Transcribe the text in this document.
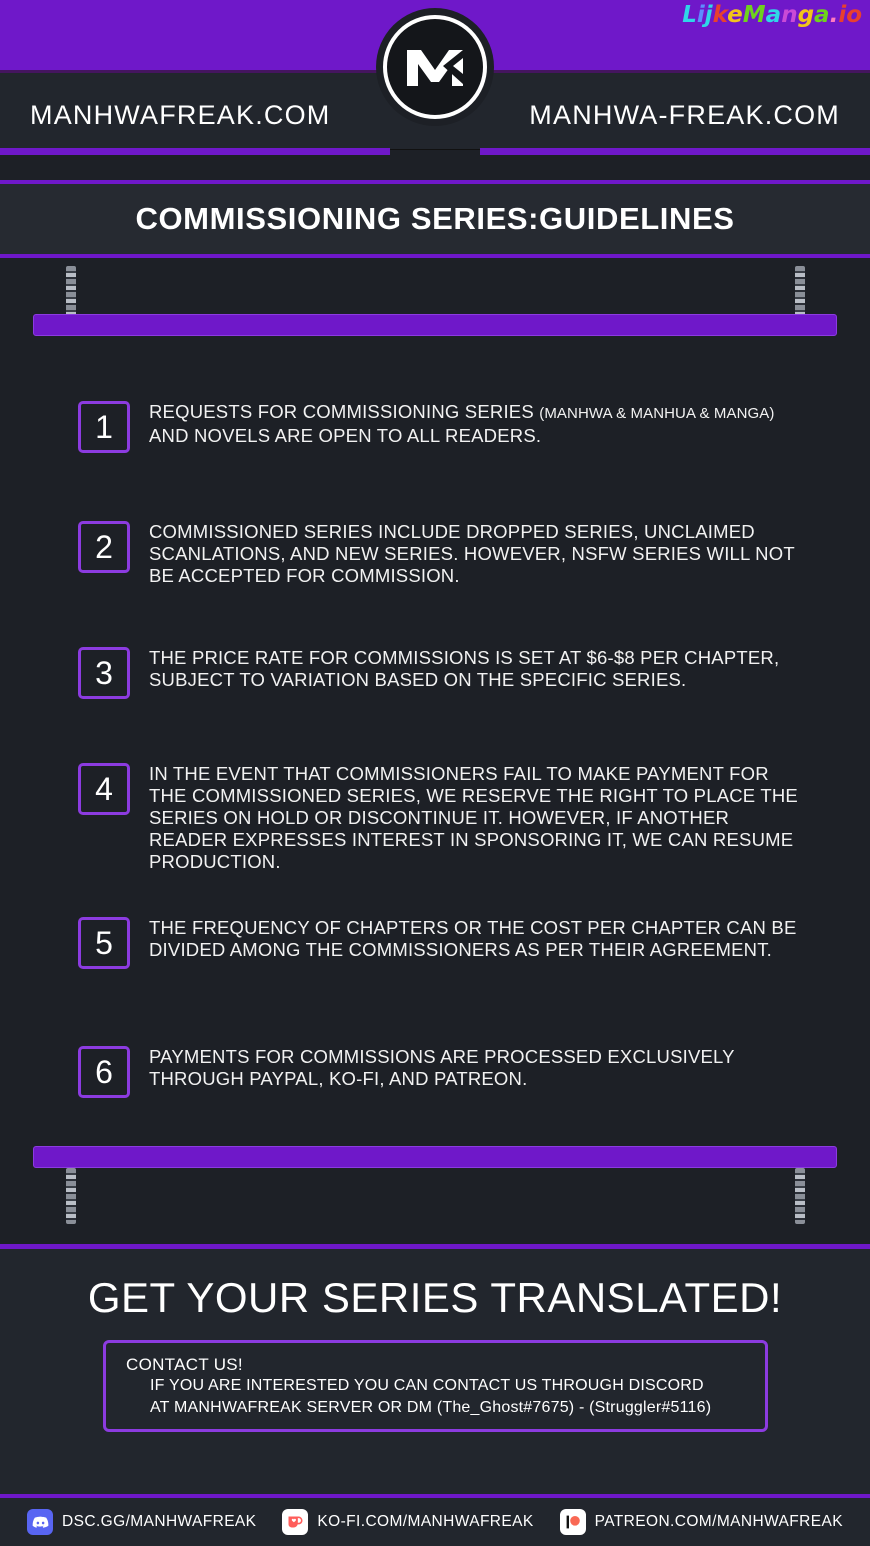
LijkeManga.io
MANHWAFREAK.COM	MANHWA-FREAK.COM
COMMISSIONING SERIES:GUIDELINES
1	REQUESTS FOR COMMISSIONING SERIES (MANHWA & MANHUA & MANGA) AND NOVELS ARE OPEN TO ALL READERS.
2	COMMISSIONED SERIES INCLUDE DROPPED SERIES, UNCLAIMED SCANLATIONS, AND NEW SERIES. HOWEVER, NSFW SERIES WILL NOT BE ACCEPTED FOR COMMISSION.
3	THE PRICE RATE FOR COMMISSIONS IS SET AT $6-$8 PER CHAPTER, SUBJECT TO VARIATION BASED ON THE SPECIFIC SERIES.
4	IN THE EVENT THAT COMMISSIONERS FAIL TO MAKE PAYMENT FOR THE COMMISSIONED SERIES, WE RESERVE THE RIGHT TO PLACE THE SERIES ON HOLD OR DISCONTINUE IT. HOWEVER, IF ANOTHER READER EXPRESSES INTEREST IN SPONSORING IT, WE CAN RESUME PRODUCTION.
5	THE FREQUENCY OF CHAPTERS OR THE COST PER CHAPTER CAN BE DIVIDED AMONG THE COMMISSIONERS AS PER THEIR AGREEMENT.
6	PAYMENTS FOR COMMISSIONS ARE PROCESSED EXCLUSIVELY THROUGH PAYPAL, KO-FI, AND PATREON.
GET YOUR SERIES TRANSLATED!
CONTACT US!
IF YOU ARE INTERESTED YOU CAN CONTACT US THROUGH DISCORD
AT MANHWAFREAK SERVER OR DM (The_Ghost#7675) - (Struggler#5116)
DSC.GG/MANHWAFREAK	KO-FI.COM/MANHWAFREAK	PATREON.COM/MANHWAFREAK
